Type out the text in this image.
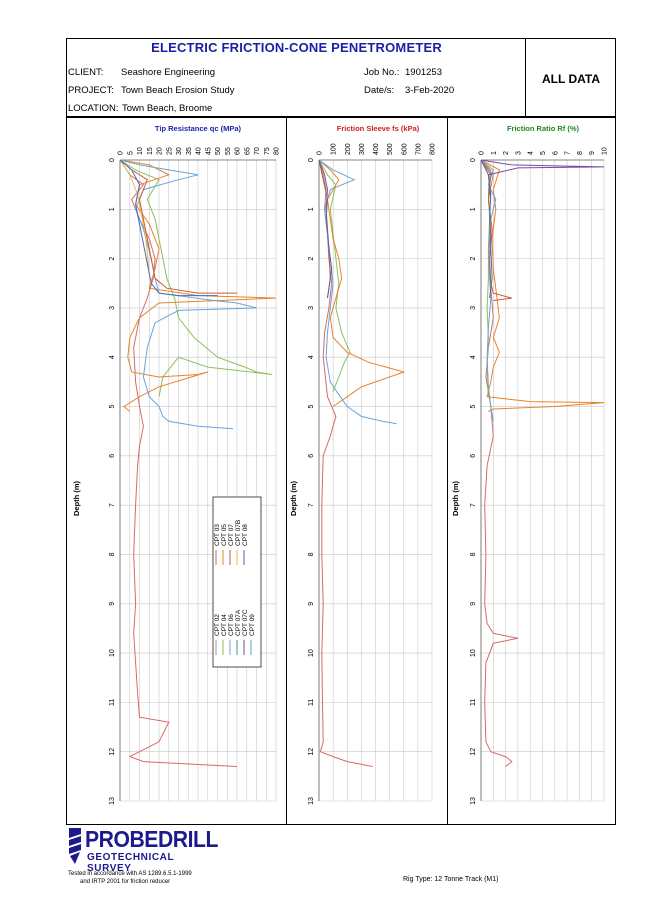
ELECTRIC FRICTION-CONE PENETROMETER
CLIENT: Seashore Engineering
PROJECT: Town Beach Erosion Study
LOCATION: Town Beach, Broome
Job No.: 1901253
Date/s: 3-Feb-2020
ALL DATA
Tip Resistance qc (MPa)
0 5 10 15 20 25 30 35 40 45 50 55 60 65 70 75 80
0
1
2
3
4
5
6
7
8
9
10
11
12
13
Depth (m)
CPT 02 CPT 04 CPT 06 CPT 07A CPT 07C CPT 09
CPT 03 CPT 05 CPT 07 CPT 07B CPT 08
Friction Sleeve fs (kPa)
0 100 200 300 400 500 600 700 800
0
1
2
3
4
5
6
7
8
9
10
11
12
13
Depth (m)
Friction Ratio Rf (%)
0 1 2 3 4 5 6 7 8 9 10
0
1
2
3
4
5
6
7
8
9
10
11
12
13
Depth (m)
PROBEDRILL
GEOTECHNICAL SURVEY
Tested in accordance with AS 1289.6.5.1-1999
and IRTP 2001 for friction reducer	Rig Type: 12 Tonne Track (M1)
